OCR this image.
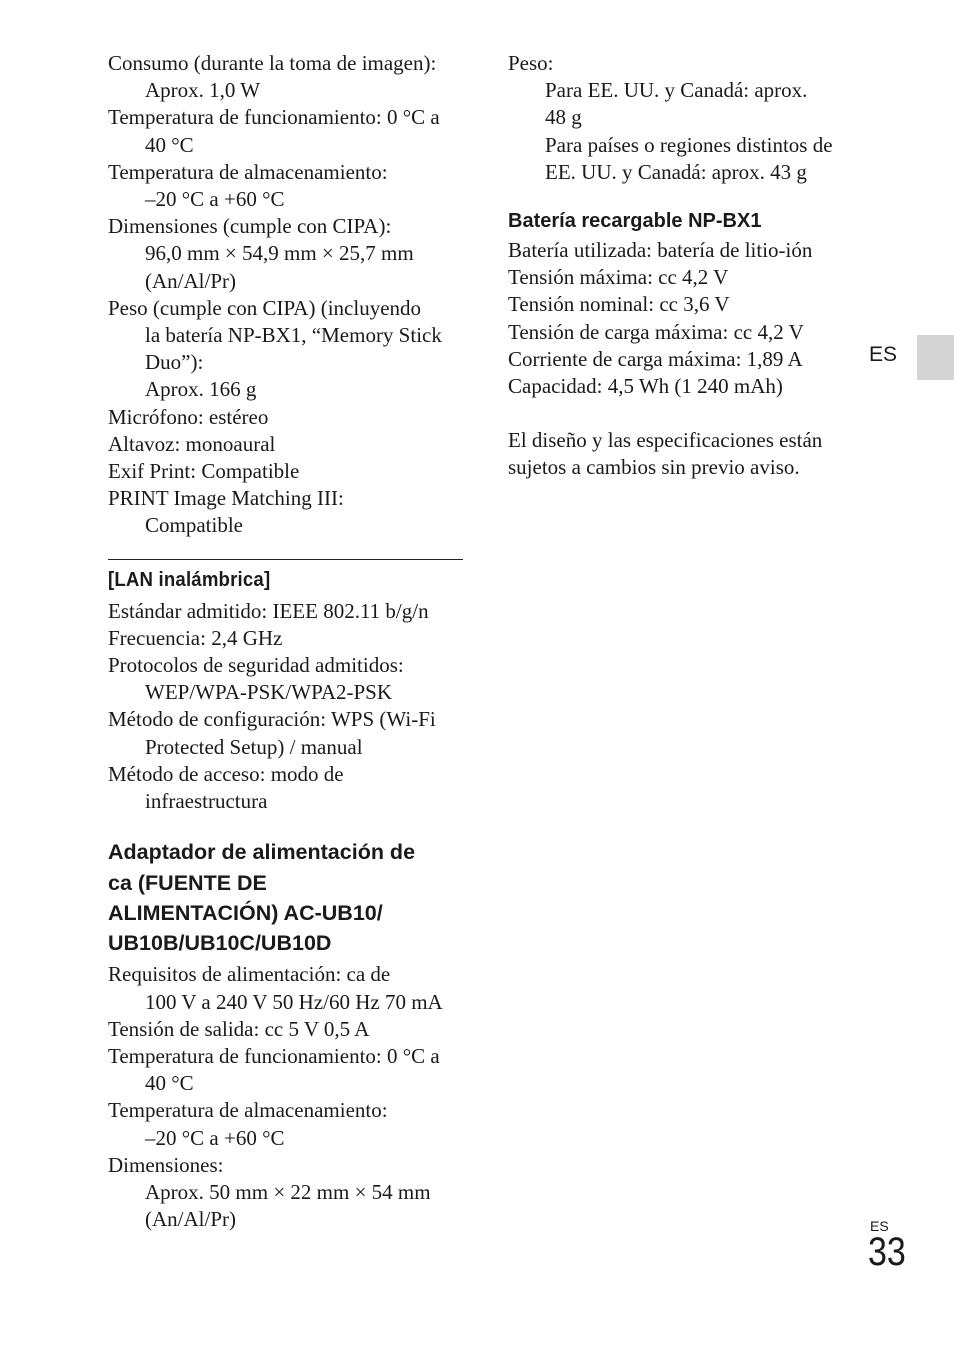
Consumo (durante la toma de imagen):
Aprox. 1,0 W
Temperatura de funcionamiento: 0 °C a
40 °C
Temperatura de almacenamiento:
–20 °C a +60 °C
Dimensiones (cumple con CIPA):
96,0 mm × 54,9 mm × 25,7 mm
(An/Al/Pr)
Peso (cumple con CIPA) (incluyendo
la batería NP-BX1, “Memory Stick
Duo”):
Aprox. 166 g
Micrófono: estéreo
Altavoz: monoaural
Exif Print: Compatible
PRINT Image Matching III:
Compatible
[LAN inalámbrica]
Estándar admitido: IEEE 802.11 b/g/n
Frecuencia: 2,4 GHz
Protocolos de seguridad admitidos:
WEP/WPA-PSK/WPA2-PSK
Método de configuración: WPS (Wi-Fi
Protected Setup) / manual
Método de acceso: modo de
infraestructura
Adaptador de alimentación de
ca (FUENTE DE
ALIMENTACIÓN) AC-UB10/
UB10B/UB10C/UB10D
Requisitos de alimentación: ca de
100 V a 240 V 50 Hz/60 Hz 70 mA
Tensión de salida: cc 5 V 0,5 A
Temperatura de funcionamiento: 0 °C a
40 °C
Temperatura de almacenamiento:
–20 °C a +60 °C
Dimensiones:
Aprox. 50 mm × 22 mm × 54 mm
(An/Al/Pr)
Peso:
Para EE. UU. y Canadá: aprox.
48 g
Para países o regiones distintos de
EE. UU. y Canadá: aprox. 43 g
Batería recargable NP-BX1
Batería utilizada: batería de litio-ión
Tensión máxima: cc 4,2 V
Tensión nominal: cc 3,6 V
Tensión de carga máxima: cc 4,2 V
Corriente de carga máxima: 1,89 A
Capacidad: 4,5 Wh (1 240 mAh)
El diseño y las especificaciones están
sujetos a cambios sin previo aviso.
ES
ES
33
